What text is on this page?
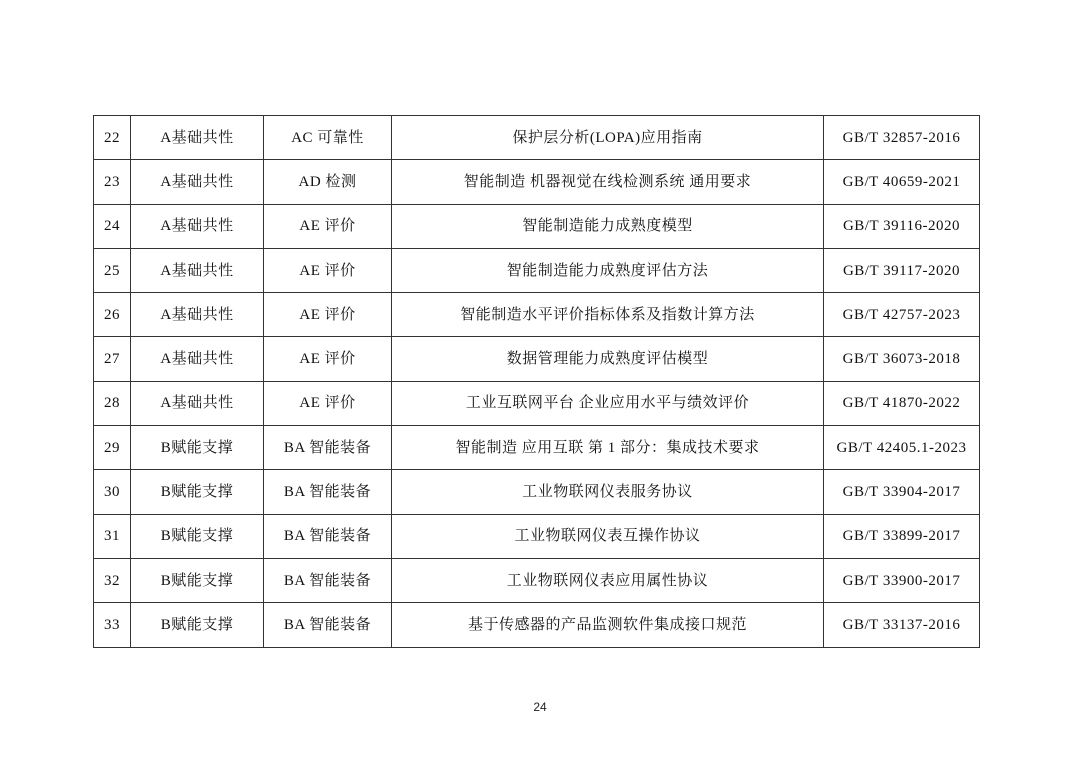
22	A基础共性	AC 可靠性	保护层分析(LOPA)应用指南	GB/T 32857-2016
23	A基础共性	AD 检测	智能制造 机器视觉在线检测系统 通用要求	GB/T 40659-2021
24	A基础共性	AE 评价	智能制造能力成熟度模型	GB/T 39116-2020
25	A基础共性	AE 评价	智能制造能力成熟度评估方法	GB/T 39117-2020
26	A基础共性	AE 评价	智能制造水平评价指标体系及指数计算方法	GB/T 42757-2023
27	A基础共性	AE 评价	数据管理能力成熟度评估模型	GB/T 36073-2018
28	A基础共性	AE 评价	工业互联网平台 企业应用水平与绩效评价	GB/T 41870-2022
29	B赋能支撑	BA 智能装备	智能制造 应用互联 第 1 部分：集成技术要求	GB/T 42405.1-2023
30	B赋能支撑	BA 智能装备	工业物联网仪表服务协议	GB/T 33904-2017
31	B赋能支撑	BA 智能装备	工业物联网仪表互操作协议	GB/T 33899-2017
32	B赋能支撑	BA 智能装备	工业物联网仪表应用属性协议	GB/T 33900-2017
33	B赋能支撑	BA 智能装备	基于传感器的产品监测软件集成接口规范	GB/T 33137-2016
24
